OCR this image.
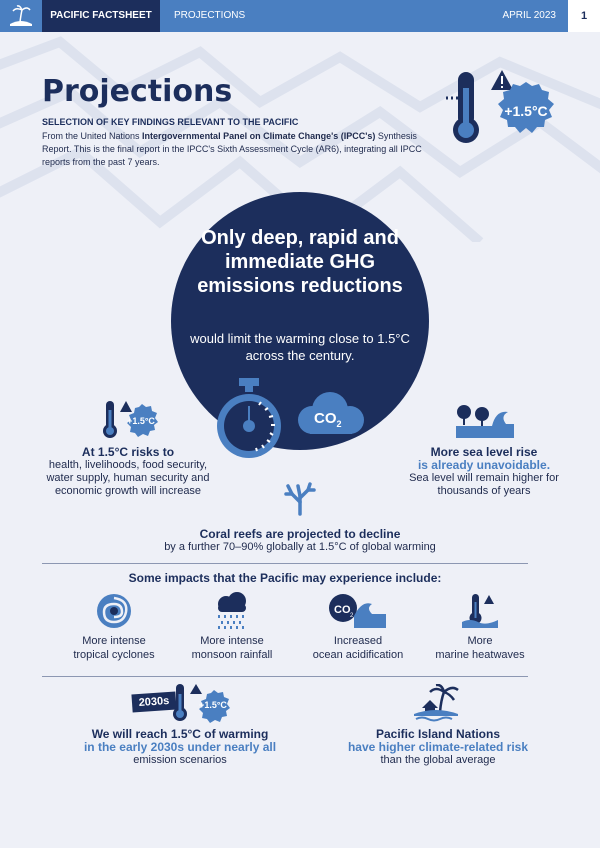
PACIFIC FACTSHEET	PROJECTIONS	APRIL 2023	1
Projections
SELECTION OF KEY FINDINGS RELEVANT TO THE PACIFIC
From the United Nations Intergovernmental Panel on Climate Change's (IPCC's) Synthesis Report. This is the final report in the IPCC's Sixth Assessment Cycle (AR6), integrating all IPCC reports from the past 7 years.
+1.5°C
Only deep, rapid and immediate GHG emissions reductions
would limit the warming close to 1.5°C across the century.
$CO_2$
+1.5°C
At 1.5°C risks to
health, livelihoods, food security, water supply, human security and economic growth will increase
More sea level rise
is already unavoidable.
Sea level will remain higher for thousands of years
Coral reefs are projected to decline
by a further 70–90% globally at 1.5°C of global warming
Some impacts that the Pacific may experience include:
More intense
tropical cyclones
More intense
monsoon rainfall
CO 2
Increased
ocean acidification
More
marine heatwaves
2030s	+1.5°C
We will reach 1.5°C of warming
in the early 2030s under nearly all
emission scenarios
Pacific Island Nations
have higher climate-related risk
than the global average
